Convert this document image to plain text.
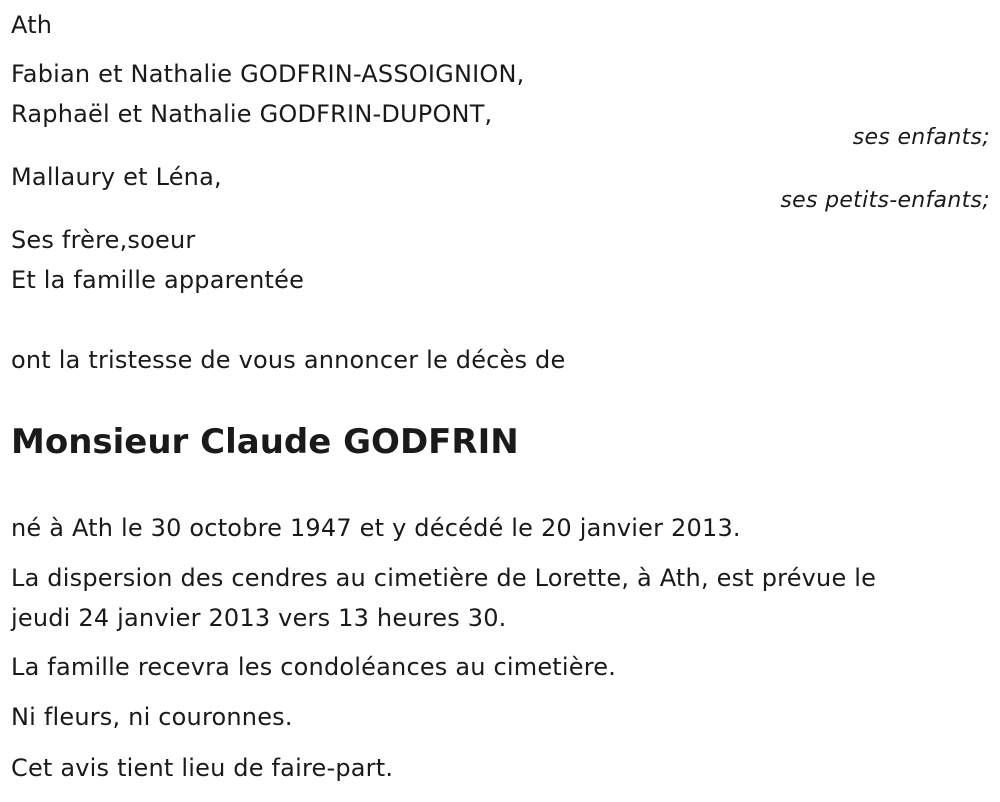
Ath
Fabian et Nathalie GODFRIN-ASSOIGNION,
Raphaël et Nathalie GODFRIN-DUPONT,
ses enfants;
Mallaury et Léna,
ses petits-enfants;
Ses frère,soeur
Et la famille apparentée
ont la tristesse de vous annoncer le décès de
Monsieur Claude GODFRIN
né à Ath le 30 octobre 1947 et y décédé le 20 janvier 2013.
La dispersion des cendres au cimetière de Lorette, à Ath, est prévue le
jeudi 24 janvier 2013 vers 13 heures 30.
La famille recevra les condoléances au cimetière.
Ni fleurs, ni couronnes.
Cet avis tient lieu de faire-part.
